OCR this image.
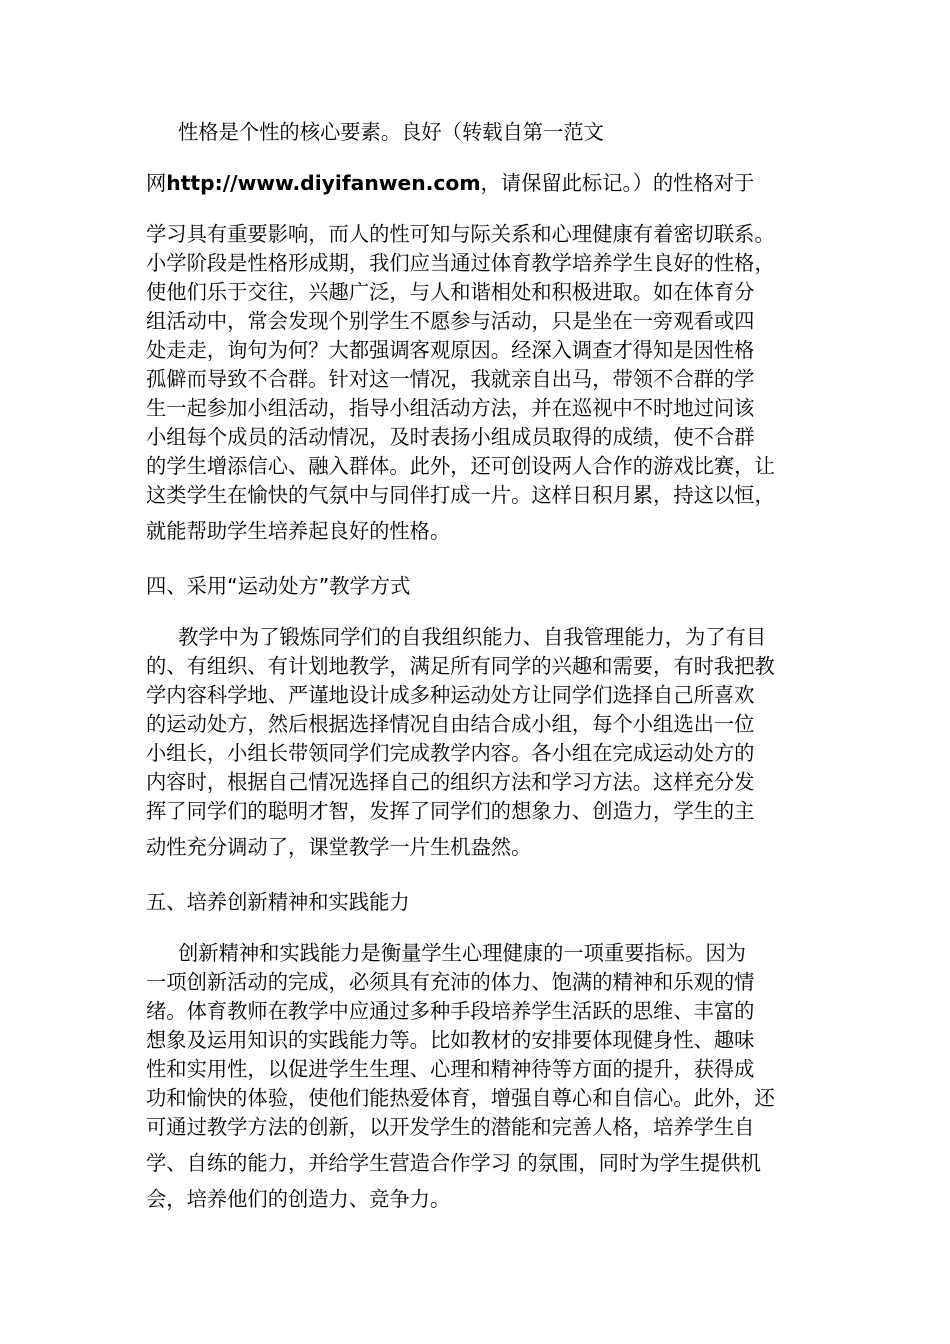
性格是个性的核心要素。良好（转载自第一范文
网http://www.diyifanwen.com，请保留此标记。）的性格对于
学习具有重要影响，而人的性可知与际关系和心理健康有着密切联系。
小学阶段是性格形成期，我们应当通过体育教学培养学生良好的性格，
使他们乐于交往，兴趣广泛，与人和谐相处和积极进取。如在体育分
组活动中，常会发现个别学生不愿参与活动，只是坐在一旁观看或四
处走走，询句为何？大都强调客观原因。经深入调查才得知是因性格
孤僻而导致不合群。针对这一情况，我就亲自出马，带领不合群的学
生一起参加小组活动，指导小组活动方法，并在巡视中不时地过问该
小组每个成员的活动情况，及时表扬小组成员取得的成绩，使不合群
的学生增添信心、融入群体。此外，还可创设两人合作的游戏比赛，让
这类学生在愉快的气氛中与同伴打成一片。这样日积月累，持这以恒，
就能帮助学生培养起良好的性格。
四、采用“运动处方”教学方式
教学中为了锻炼同学们的自我组织能力、自我管理能力，为了有目
的、有组织、有计划地教学，满足所有同学的兴趣和需要，有时我把教
学内容科学地、严谨地设计成多种运动处方让同学们选择自己所喜欢
的运动处方，然后根据选择情况自由结合成小组，每个小组选出一位
小组长，小组长带领同学们完成教学内容。各小组在完成运动处方的
内容时，根据自己情况选择自己的组织方法和学习方法。这样充分发
挥了同学们的聪明才智，发挥了同学们的想象力、创造力，学生的主
动性充分调动了，课堂教学一片生机盎然。
五、培养创新精神和实践能力
创新精神和实践能力是衡量学生心理健康的一项重要指标。因为
一项创新活动的完成，必须具有充沛的体力、饱满的精神和乐观的情
绪。体育教师在教学中应通过多种手段培养学生活跃的思维、丰富的
想象及运用知识的实践能力等。比如教材的安排要体现健身性、趣味
性和实用性，以促进学生生理、心理和精神待等方面的提升，获得成
功和愉快的体验，使他们能热爱体育，增强自尊心和自信心。此外，还
可通过教学方法的创新，以开发学生的潜能和完善人格，培养学生自
学、自练的能力，并给学生营造合作学习 的氛围，同时为学生提供机
会，培养他们的创造力、竞争力。
